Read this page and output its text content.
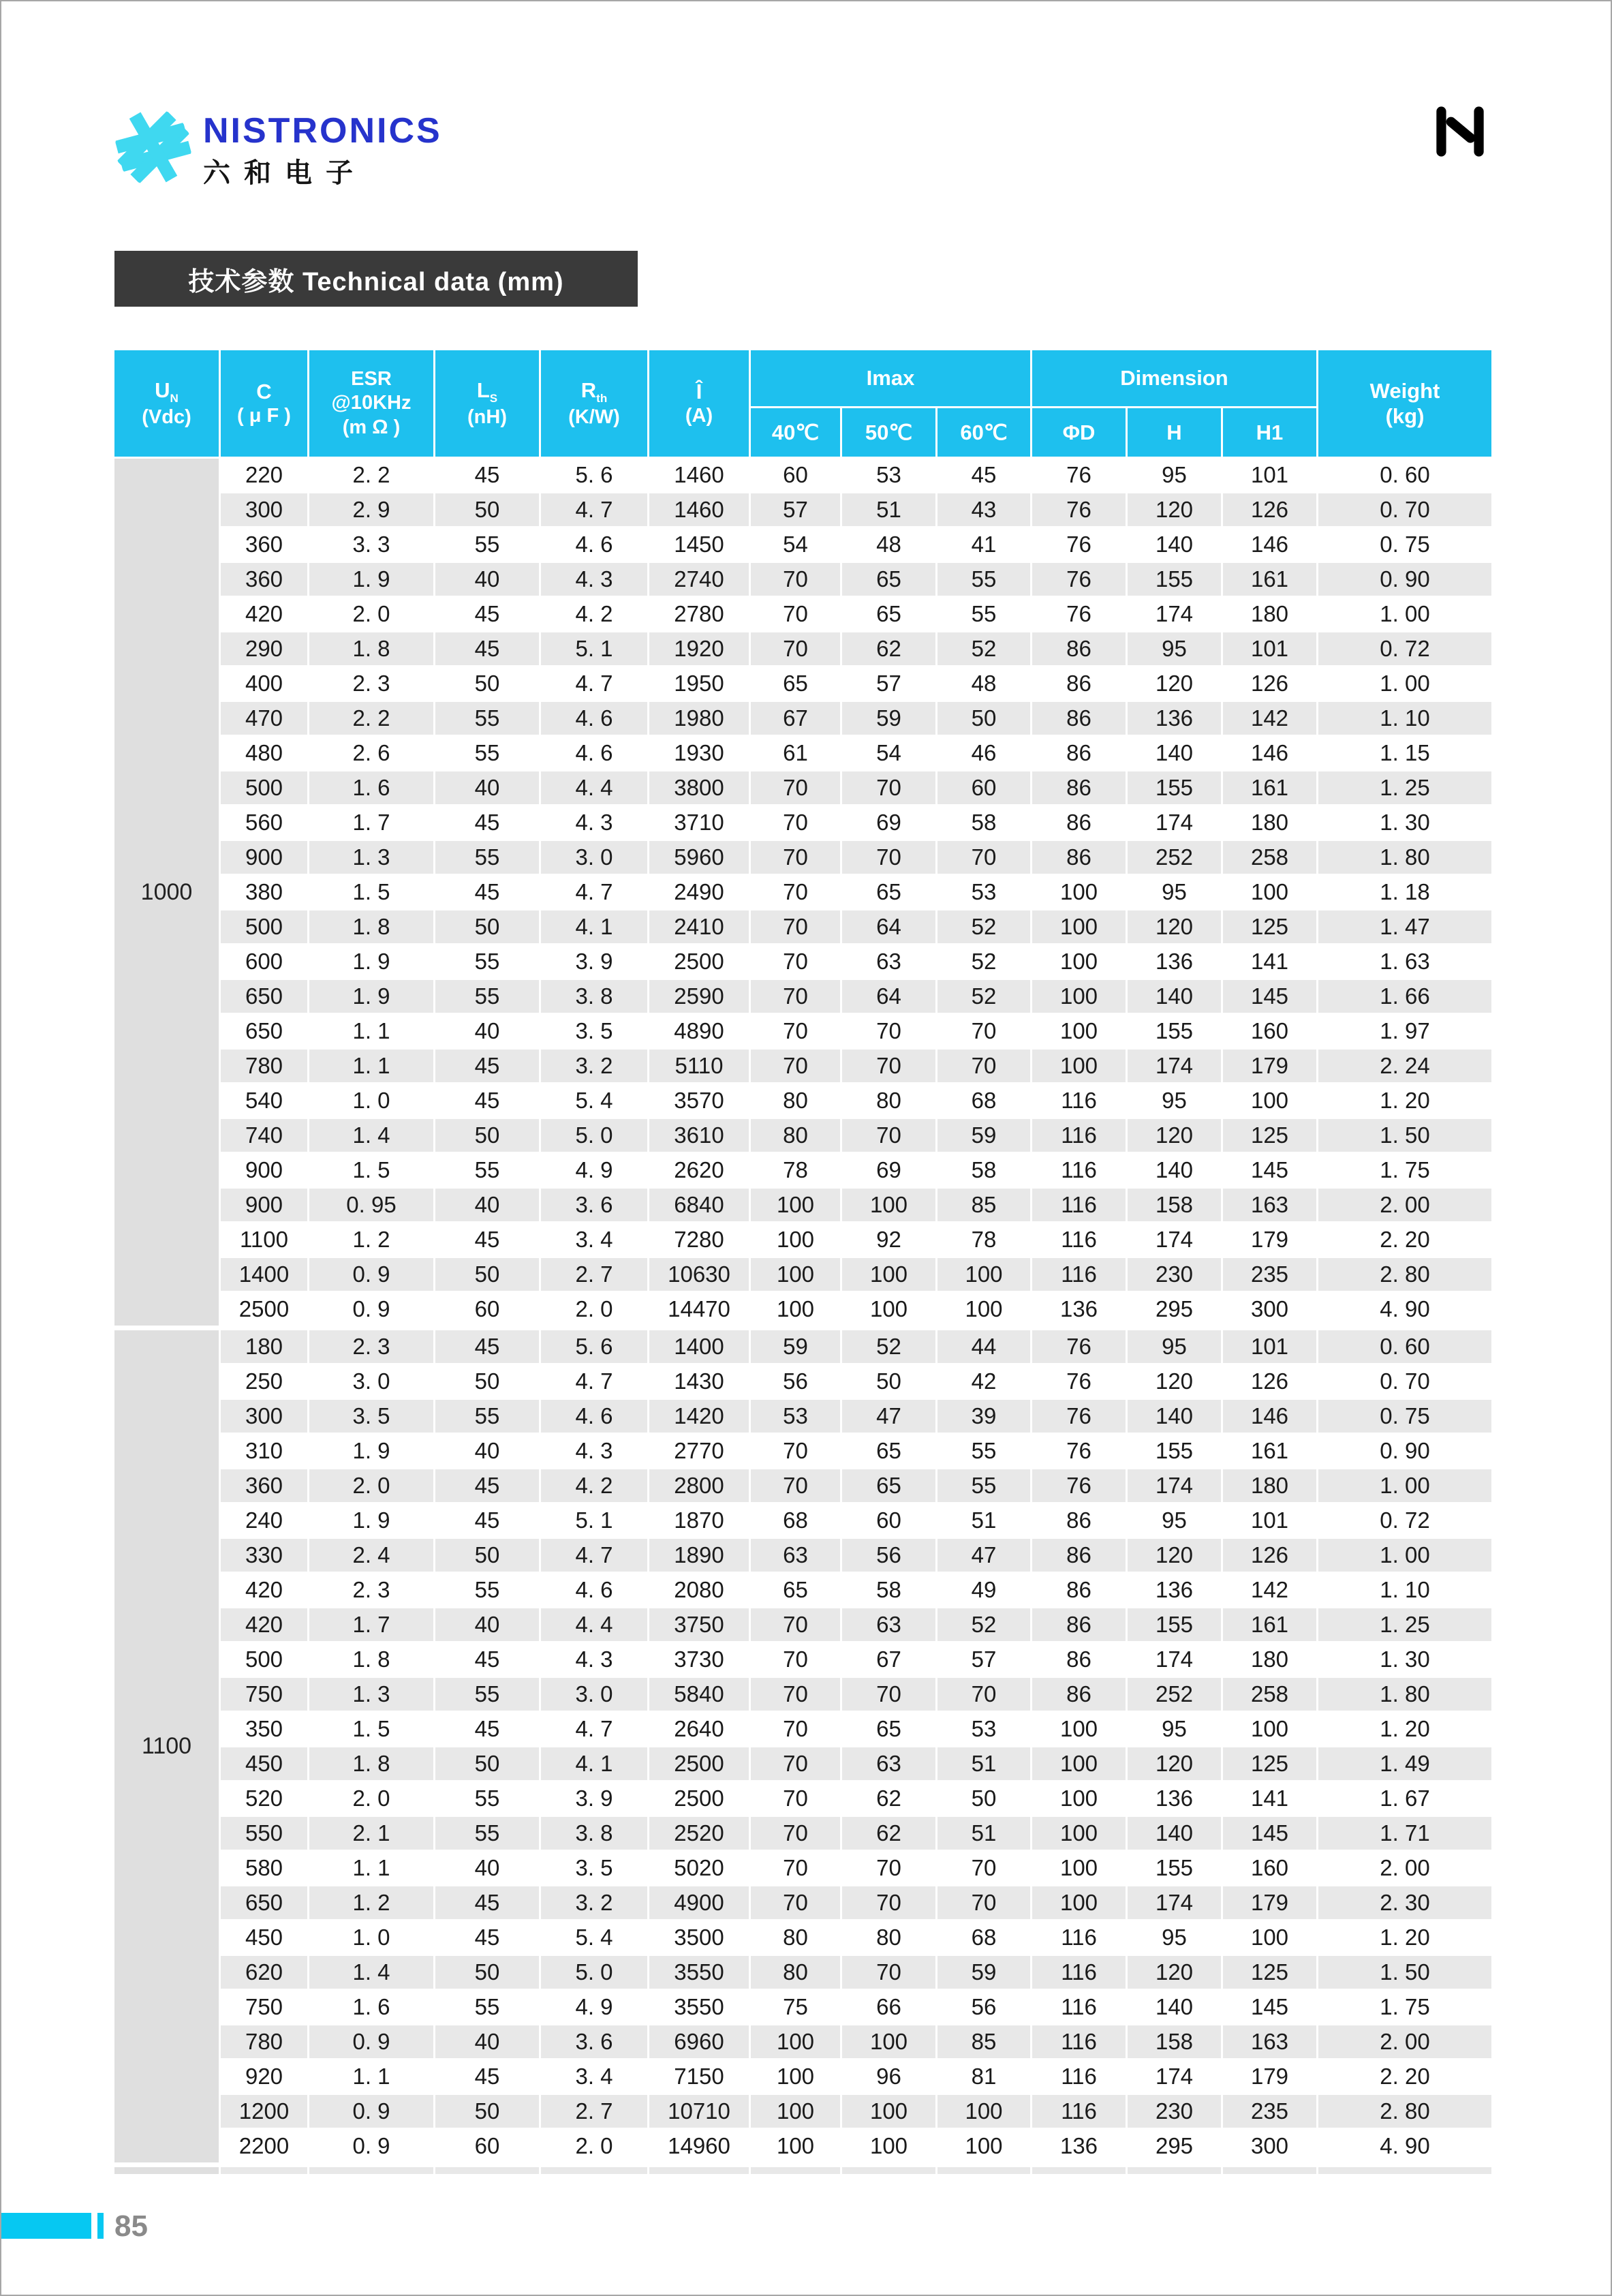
NISTRONICS
六和电子
技术参数 Technical data (mm)
$U_N$
(Vdc)
C
( μ F )
ESR
@10KHz
(m Ω )
$L_S$
(nH)
$R_{th}$
(K/W)
Î
(A)
Imax	Dimension
Weight
(kg)
40℃	50℃	60℃	ΦD	H	H1
1000
220	2. 2	45	5. 6	1460	60	53	45	76	95	101	0. 60
300	2. 9	50	4. 7	1460	57	51	43	76	120	126	0. 70
360	3. 3	55	4. 6	1450	54	48	41	76	140	146	0. 75
360	1. 9	40	4. 3	2740	70	65	55	76	155	161	0. 90
420	2. 0	45	4. 2	2780	70	65	55	76	174	180	1. 00
290	1. 8	45	5. 1	1920	70	62	52	86	95	101	0. 72
400	2. 3	50	4. 7	1950	65	57	48	86	120	126	1. 00
470	2. 2	55	4. 6	1980	67	59	50	86	136	142	1. 10
480	2. 6	55	4. 6	1930	61	54	46	86	140	146	1. 15
500	1. 6	40	4. 4	3800	70	70	60	86	155	161	1. 25
560	1. 7	45	4. 3	3710	70	69	58	86	174	180	1. 30
900	1. 3	55	3. 0	5960	70	70	70	86	252	258	1. 80
380	1. 5	45	4. 7	2490	70	65	53	100	95	100	1. 18
500	1. 8	50	4. 1	2410	70	64	52	100	120	125	1. 47
600	1. 9	55	3. 9	2500	70	63	52	100	136	141	1. 63
650	1. 9	55	3. 8	2590	70	64	52	100	140	145	1. 66
650	1. 1	40	3. 5	4890	70	70	70	100	155	160	1. 97
780	1. 1	45	3. 2	5110	70	70	70	100	174	179	2. 24
540	1. 0	45	5. 4	3570	80	80	68	116	95	100	1. 20
740	1. 4	50	5. 0	3610	80	70	59	116	120	125	1. 50
900	1. 5	55	4. 9	2620	78	69	58	116	140	145	1. 75
900	0. 95	40	3. 6	6840	100	100	85	116	158	163	2. 00
1100	1. 2	45	3. 4	7280	100	92	78	116	174	179	2. 20
1400	0. 9	50	2. 7	10630	100	100	100	116	230	235	2. 80
2500	0. 9	60	2. 0	14470	100	100	100	136	295	300	4. 90
1100
180	2. 3	45	5. 6	1400	59	52	44	76	95	101	0. 60
250	3. 0	50	4. 7	1430	56	50	42	76	120	126	0. 70
300	3. 5	55	4. 6	1420	53	47	39	76	140	146	0. 75
310	1. 9	40	4. 3	2770	70	65	55	76	155	161	0. 90
360	2. 0	45	4. 2	2800	70	65	55	76	174	180	1. 00
240	1. 9	45	5. 1	1870	68	60	51	86	95	101	0. 72
330	2. 4	50	4. 7	1890	63	56	47	86	120	126	1. 00
420	2. 3	55	4. 6	2080	65	58	49	86	136	142	1. 10
420	1. 7	40	4. 4	3750	70	63	52	86	155	161	1. 25
500	1. 8	45	4. 3	3730	70	67	57	86	174	180	1. 30
750	1. 3	55	3. 0	5840	70	70	70	86	252	258	1. 80
350	1. 5	45	4. 7	2640	70	65	53	100	95	100	1. 20
450	1. 8	50	4. 1	2500	70	63	51	100	120	125	1. 49
520	2. 0	55	3. 9	2500	70	62	50	100	136	141	1. 67
550	2. 1	55	3. 8	2520	70	62	51	100	140	145	1. 71
580	1. 1	40	3. 5	5020	70	70	70	100	155	160	2. 00
650	1. 2	45	3. 2	4900	70	70	70	100	174	179	2. 30
450	1. 0	45	5. 4	3500	80	80	68	116	95	100	1. 20
620	1. 4	50	5. 0	3550	80	70	59	116	120	125	1. 50
750	1. 6	55	4. 9	3550	75	66	56	116	140	145	1. 75
780	0. 9	40	3. 6	6960	100	100	85	116	158	163	2. 00
920	1. 1	45	3. 4	7150	100	96	81	116	174	179	2. 20
1200	0. 9	50	2. 7	10710	100	100	100	116	230	235	2. 80
2200	0. 9	60	2. 0	14960	100	100	100	136	295	300	4. 90
85
